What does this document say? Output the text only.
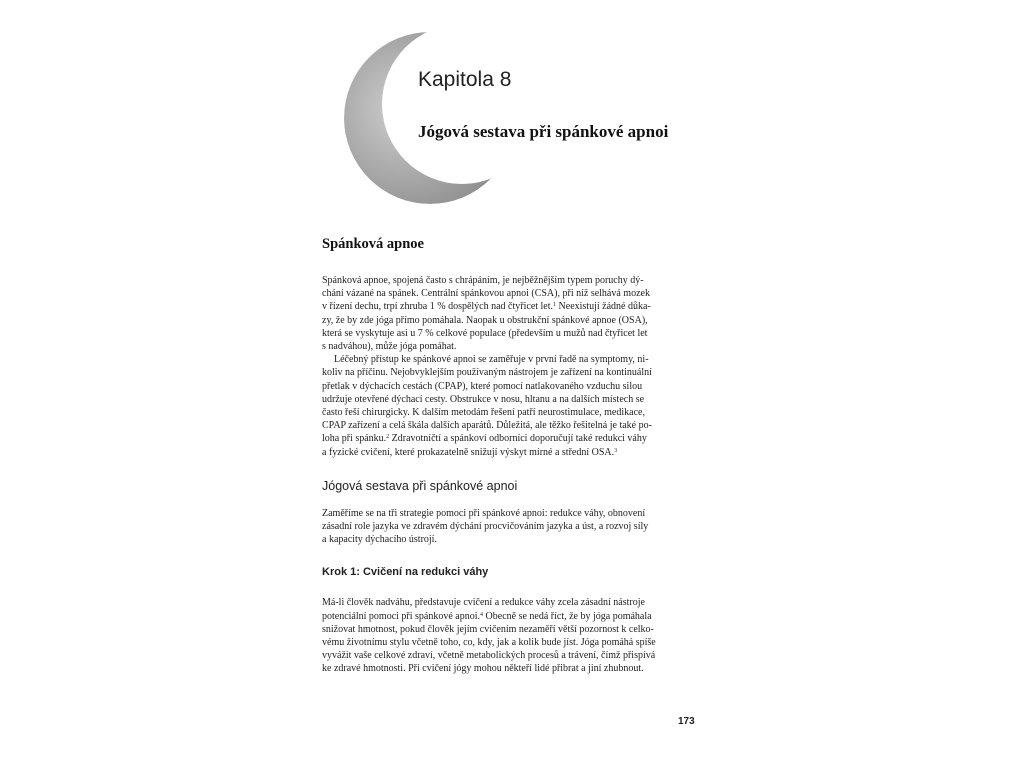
Kapitola 8
Jógová sestava při spánkové apnoi
Spánková apnoe
Spánková apnoe, spojená často s chrápáním, je nejběžnějším typem poruchy dý-
chání vázané na spánek. Centrální spánkovou apnoi (CSA), při níž selhává mozek
v řízení dechu, trpí zhruba 1 % dospělých nad čtyřicet let.$^1$ Neexistují žádné důka-
zy, že by zde jóga přímo pomáhala. Naopak u obstrukční spánkové apnoe (OSA),
která se vyskytuje asi u 7 % celkové populace (především u mužů nad čtyřicet let
s nadváhou), může jóga pomáhat.
Léčebný přístup ke spánkové apnoi se zaměřuje v první řadě na symptomy, ni-
koliv na příčinu. Nejobvyklejším používaným nástrojem je zařízení na kontinuální
přetlak v dýchacích cestách (CPAP), které pomocí natlakovaného vzduchu silou
udržuje otevřené dýchací cesty. Obstrukce v nosu, hltanu a na dalších místech se
často řeší chirurgicky. K dalším metodám řešení patří neurostimulace, medikace,
CPAP zařízení a celá škála dalších aparátů. Důležitá, ale těžko řešitelná je také po-
loha při spánku.$^2$ Zdravotníčtí a spánkoví odborníci doporučují také redukci váhy
a fyzické cvičení, které prokazatelně snižují výskyt mírné a střední OSA.$^3$
Jógová sestava při spánkové apnoi
Zaměříme se na tři strategie pomoci při spánkové apnoi: redukce váhy, obnovení
zásadní role jazyka ve zdravém dýchání procvičováním jazyka a úst, a rozvoj síly
a kapacity dýchacího ústrojí.
Krok 1: Cvičení na redukci váhy
Má-li člověk nadváhu, představuje cvičení a redukce váhy zcela zásadní nástroje
potenciální pomoci při spánkové apnoi.$^4$ Obecně se nedá říct, že by jóga pomáhala
snižovat hmotnost, pokud člověk jejím cvičením nezaměří větší pozornost k celko-
vému životnímu stylu včetně toho, co, kdy, jak a kolik bude jíst. Jóga pomáhá spíše
vyvážit vaše celkové zdraví, včetně metabolických procesů a trávení, čímž přispívá
ke zdravé hmotnosti. Při cvičení jógy mohou někteří lidé přibrat a jiní zhubnout.
173
